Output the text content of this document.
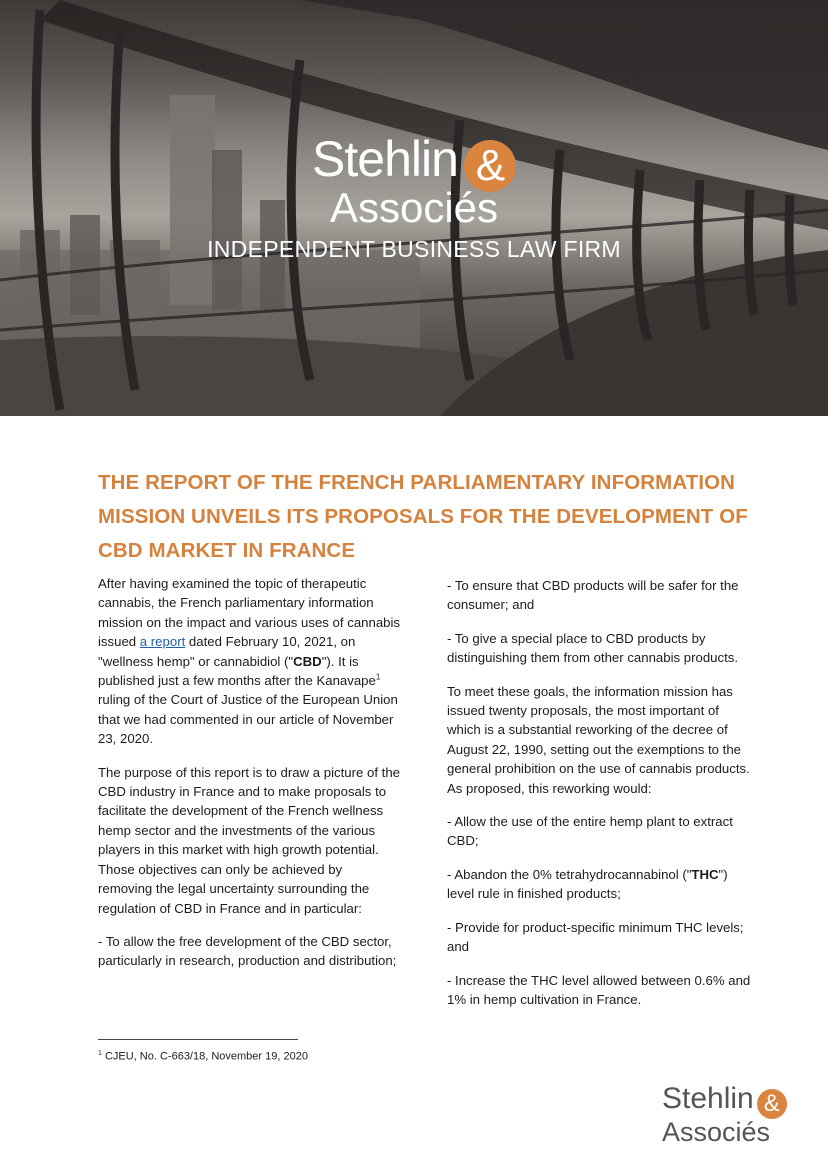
Stehlin &
Associés
INDEPENDENT BUSINESS LAW FIRM
THE REPORT OF THE FRENCH PARLIAMENTARY INFORMATION MISSION UNVEILS ITS PROPOSALS FOR THE DEVELOPMENT OF CBD MARKET IN FRANCE

After having examined the topic of therapeutic cannabis, the French parliamentary information mission on the impact and various uses of cannabis issued a report dated February 10, 2021, on "wellness hemp" or cannabidiol ("CBD"). It is published just a few months after the Kanavape$^1$ ruling of the Court of Justice of the European Union that we had commented in our article of November 23, 2020.

The purpose of this report is to draw a picture of the CBD industry in France and to make proposals to facilitate the development of the French wellness hemp sector and the investments of the various players in this market with high growth potential. Those objectives can only be achieved by removing the legal uncertainty surrounding the regulation of CBD in France and in particular:

- To allow the free development of the CBD sector, particularly in research, production and distribution;

- To ensure that CBD products will be safer for the consumer; and

- To give a special place to CBD products by distinguishing them from other cannabis products.

To meet these goals, the information mission has issued twenty proposals, the most important of which is a substantial reworking of the decree of August 22, 1990, setting out the exemptions to the general prohibition on the use of cannabis products. As proposed, this reworking would:

- Allow the use of the entire hemp plant to extract CBD;

- Abandon the 0% tetrahydrocannabinol ("THC") level rule in finished products;

- Provide for product-specific minimum THC levels; and

- Increase the THC level allowed between 0.6% and 1% in hemp cultivation in France.

$^1$ CJEU, No. C-663/18, November 19, 2020
Stehlin &
Associés
